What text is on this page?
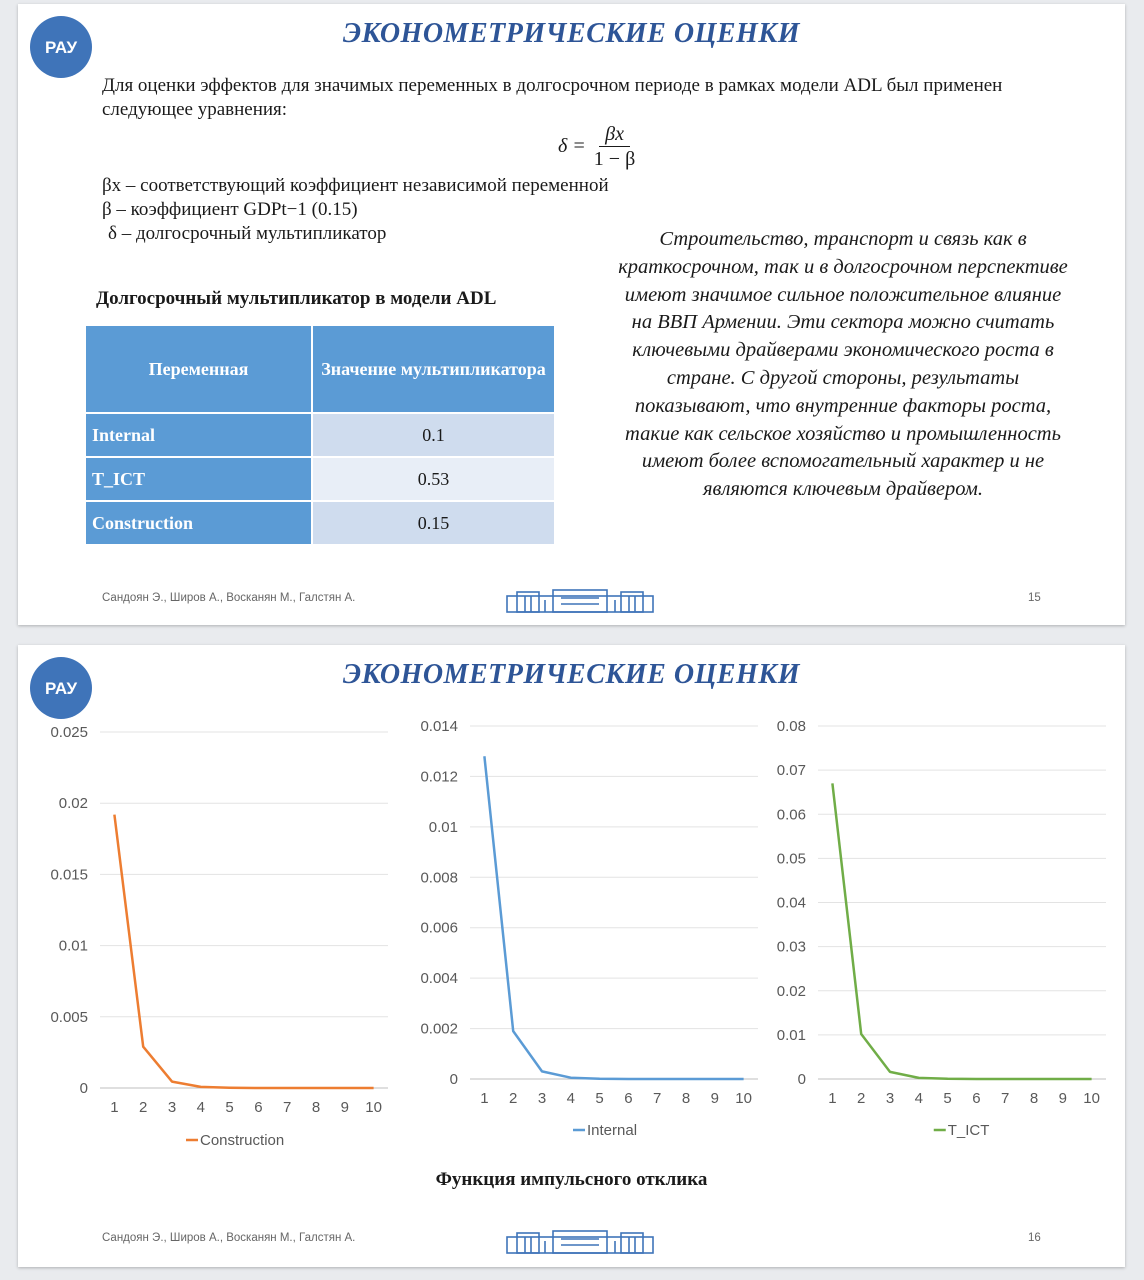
РАУ	ЭКОНОМЕТРИЧЕСКИЕ ОЦЕНКИ
Для оценки эффектов для значимых переменных в долгосрочном периоде в рамках модели ADL был применен
следующее уравнения:
$\delta = \frac{\beta x}{1 - \beta}$
βx – соответствующий коэффициент независимой переменной
β – коэффициент GDPt−1 (0.15)
δ – долгосрочный мультипликатор
Долгосрочный мультипликатор в модели ADL
Переменная	Значение мультипликатора
Internal	0.1
T_ICT	0.53
Construction	0.15
Строительство, транспорт и связь как в краткосрочном, так и в долгосрочном перспективе имеют значимое сильное положительное влияние на ВВП Армении. Эти сектора можно считать ключевыми драйверами экономического роста в стране. С другой стороны, результаты показывают, что внутренние факторы роста, такие как сельское хозяйство и промышленность имеют более вспомогательный характер и не являются ключевым драйвером.
Сандоян Э., Широв А., Восканян М., Галстян А.	15
РАУ	ЭКОНОМЕТРИЧЕСКИЕ ОЦЕНКИ
0
0.005
0.01
0.015
0.02
0.025
1 2 3 4 5 6 7 8 9 10
Construction
0
0.002
0.004
0.006
0.008
0.01
0.012
0.014
1 2 3 4 5 6 7 8 9 10
Internal
0
0.01
0.02
0.03
0.04
0.05
0.06
0.07
0.08
1 2 3 4 5 6 7 8 9 10
T_ICT
Функция импульсного отклика
Сандоян Э., Широв А., Восканян М., Галстян А.	16
